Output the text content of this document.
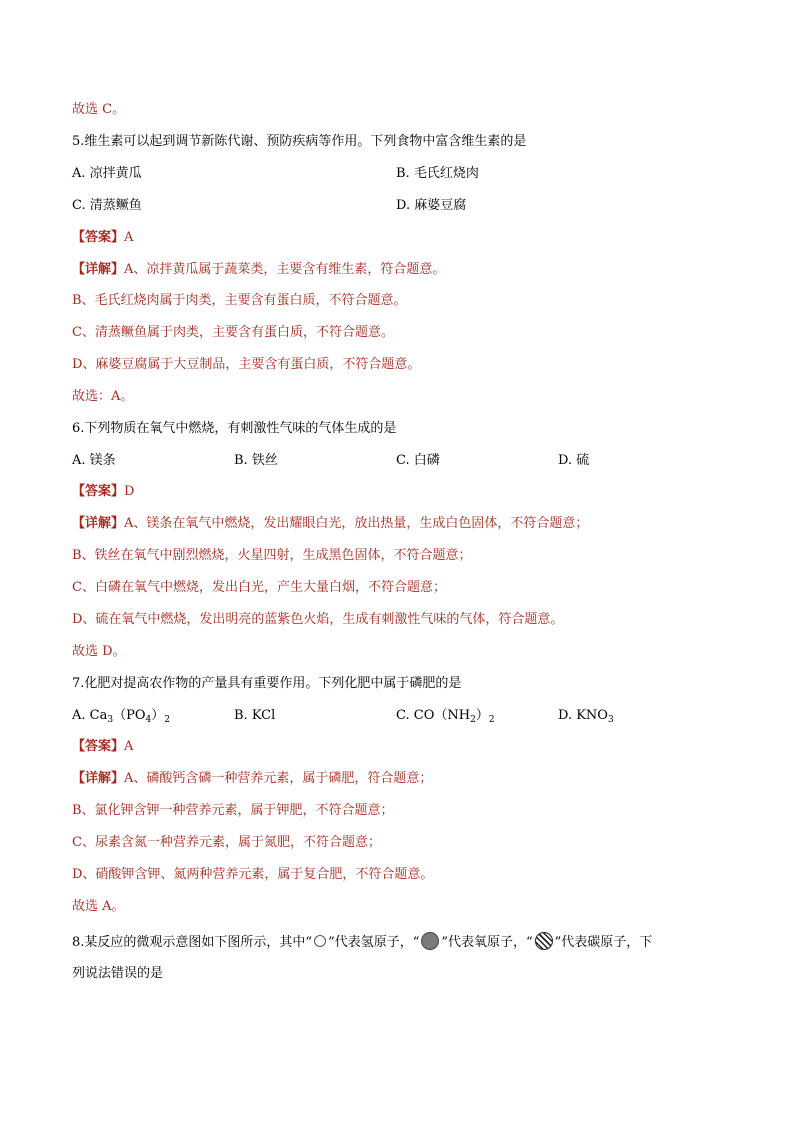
故选 C。
5.维生素可以起到调节新陈代谢、预防疾病等作用。下列食物中富含维生素的是
A. 凉拌黄瓜	B. 毛氏红烧肉
C. 清蒸鳜鱼	D. 麻婆豆腐
【答案】A
【详解】A、凉拌黄瓜属于蔬菜类，主要含有维生素，符合题意。
B、毛氏红烧肉属于肉类，主要含有蛋白质，不符合题意。
C、清蒸鳜鱼属于肉类，主要含有蛋白质，不符合题意。
D、麻婆豆腐属于大豆制品，主要含有蛋白质，不符合题意。
故选：A。
6.下列物质在氧气中燃烧，有刺激性气味的气体生成的是
A. 镁条	B. 铁丝	C. 白磷	D. 硫
【答案】D
【详解】A、镁条在氧气中燃烧，发出耀眼白光，放出热量，生成白色固体，不符合题意；
B、铁丝在氧气中剧烈燃烧，火星四射，生成黑色固体，不符合题意；
C、白磷在氧气中燃烧，发出白光，产生大量白烟，不符合题意；
D、硫在氧气中燃烧，发出明亮的蓝紫色火焰，生成有刺激性气味的气体，符合题意。
故选 D。
7.化肥对提高农作物的产量具有重要作用。下列化肥中属于磷肥的是
A. $Ca_3(PO_4)_2$	B. KCl	C. $CO(NH_2)_2$	D. $KNO_3$
【答案】A
【详解】A、磷酸钙含磷一种营养元素，属于磷肥，符合题意；
B、氯化钾含钾一种营养元素，属于钾肥，不符合题意；
C、尿素含氮一种营养元素，属于氮肥，不符合题意；
D、硝酸钾含钾、氮两种营养元素，属于复合肥，不符合题意。
故选 A。
8.某反应的微观示意图如下图所示，其中“ ”代表氢原子，“ ”代表氧原子，“ ”代表碳原子，下
列说法错误的是
